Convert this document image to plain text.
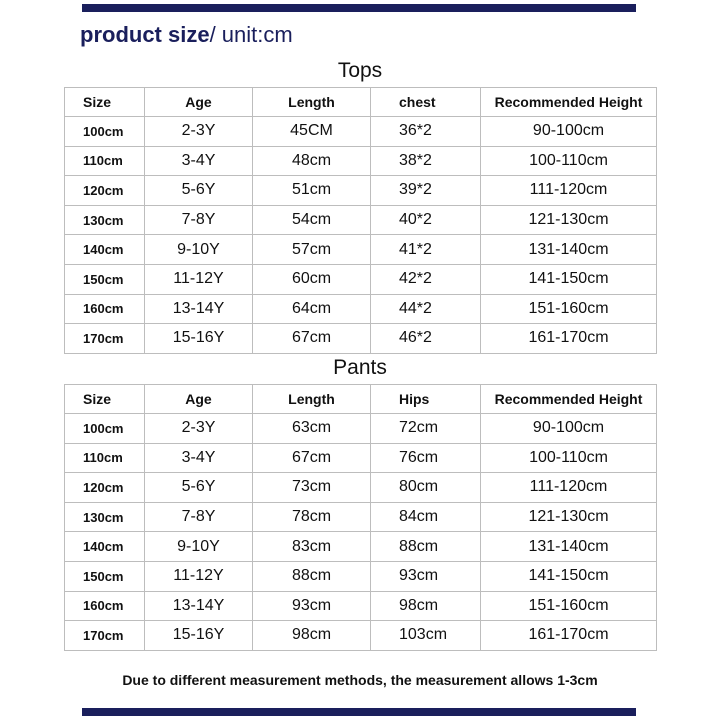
product size/ unit:cm
Tops
Size	Age	Length	chest	Recommended Height
100cm	2-3Y	45CM	36*2	90-100cm
110cm	3-4Y	48cm	38*2	100-110cm
120cm	5-6Y	51cm	39*2	111-120cm
130cm	7-8Y	54cm	40*2	121-130cm
140cm	9-10Y	57cm	41*2	131-140cm
150cm	11-12Y	60cm	42*2	141-150cm
160cm	13-14Y	64cm	44*2	151-160cm
170cm	15-16Y	67cm	46*2	161-170cm
Pants
Size	Age	Length	Hips	Recommended Height
100cm	2-3Y	63cm	72cm	90-100cm
110cm	3-4Y	67cm	76cm	100-110cm
120cm	5-6Y	73cm	80cm	111-120cm
130cm	7-8Y	78cm	84cm	121-130cm
140cm	9-10Y	83cm	88cm	131-140cm
150cm	11-12Y	88cm	93cm	141-150cm
160cm	13-14Y	93cm	98cm	151-160cm
170cm	15-16Y	98cm	103cm	161-170cm
Due to different measurement methods, the measurement allows 1-3cm
